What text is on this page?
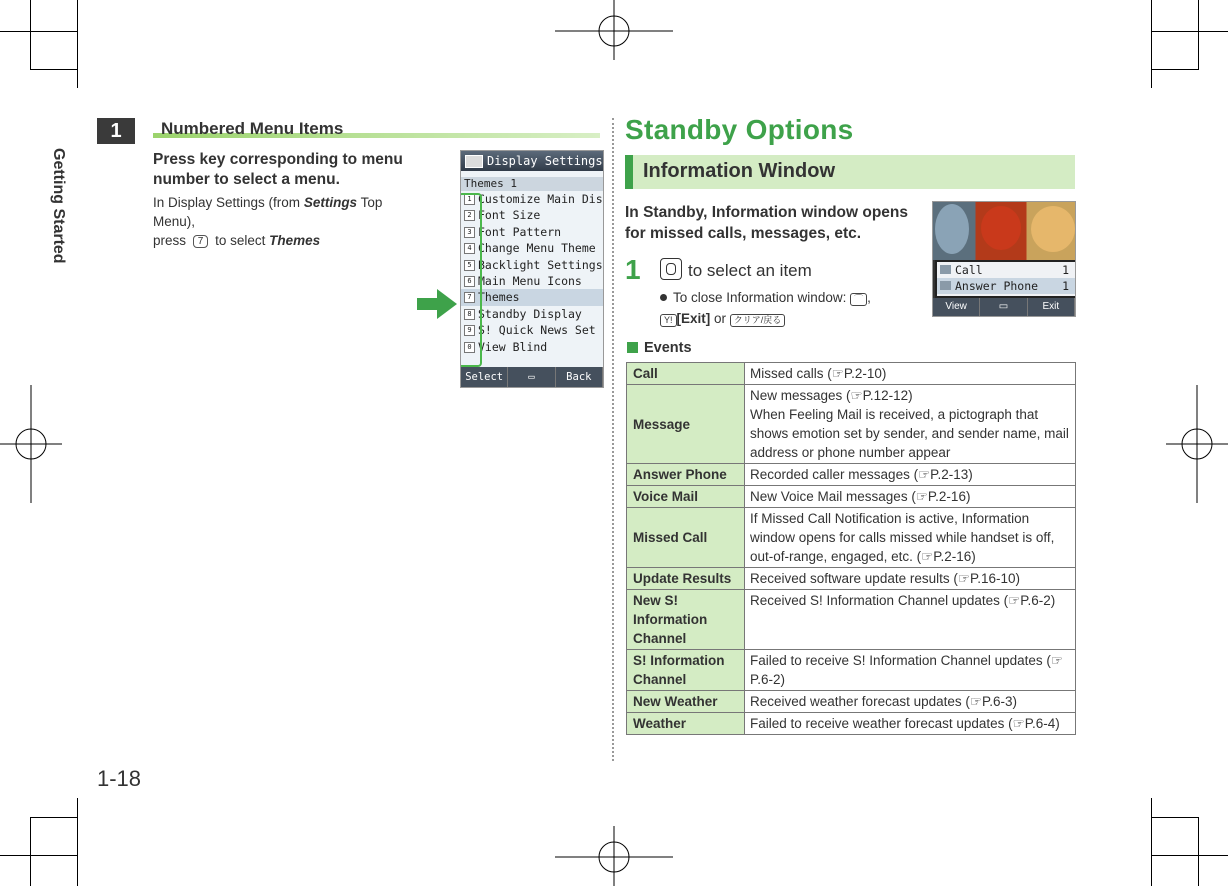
1
Getting Started
1-18
Numbered Menu Items
Press key corresponding to menu number to select a menu.
In Display Settings (from Settings Top Menu),
press 7 to select Themes
Display Settings
Themes 1
1 Customize Main Dis
2 Font Size
3 Font Pattern
4 Change Menu Theme
5 Backlight Settings
6 Main Menu Icons
7 Themes
8 Standby Display
9 S! Quick News Set
0 View Blind
Select	▭	Back
Standby Options
Information Window
In Standby, Information window opens for missed calls, messages, etc.
1	to select an item
To close Information window: ⌒ ,
Y! [Exit] or クリア/戻る
Call	1
Answer Phone 1
View	▭	Exit
Events
Call	Missed calls (☞P.2-10)
Message	New messages (☞P.12-12)
When Feeling Mail is received, a pictograph that shows emotion set by sender, and sender name, mail address or phone number appear
Answer Phone	Recorded caller messages (☞P.2-13)
Voice Mail	New Voice Mail messages (☞P.2-16)
Missed Call	If Missed Call Notification is active, Information window opens for calls missed while handset is off, out-of-range, engaged, etc. (☞P.2-16)
Update Results	Received software update results (☞P.16-10)
New S! Information Channel	Received S! Information Channel updates (☞P.6-2)
S! Information Channel	Failed to receive S! Information Channel updates (☞P.6-2)
New Weather	Received weather forecast updates (☞P.6-3)
Weather	Failed to receive weather forecast updates (☞P.6-4)
